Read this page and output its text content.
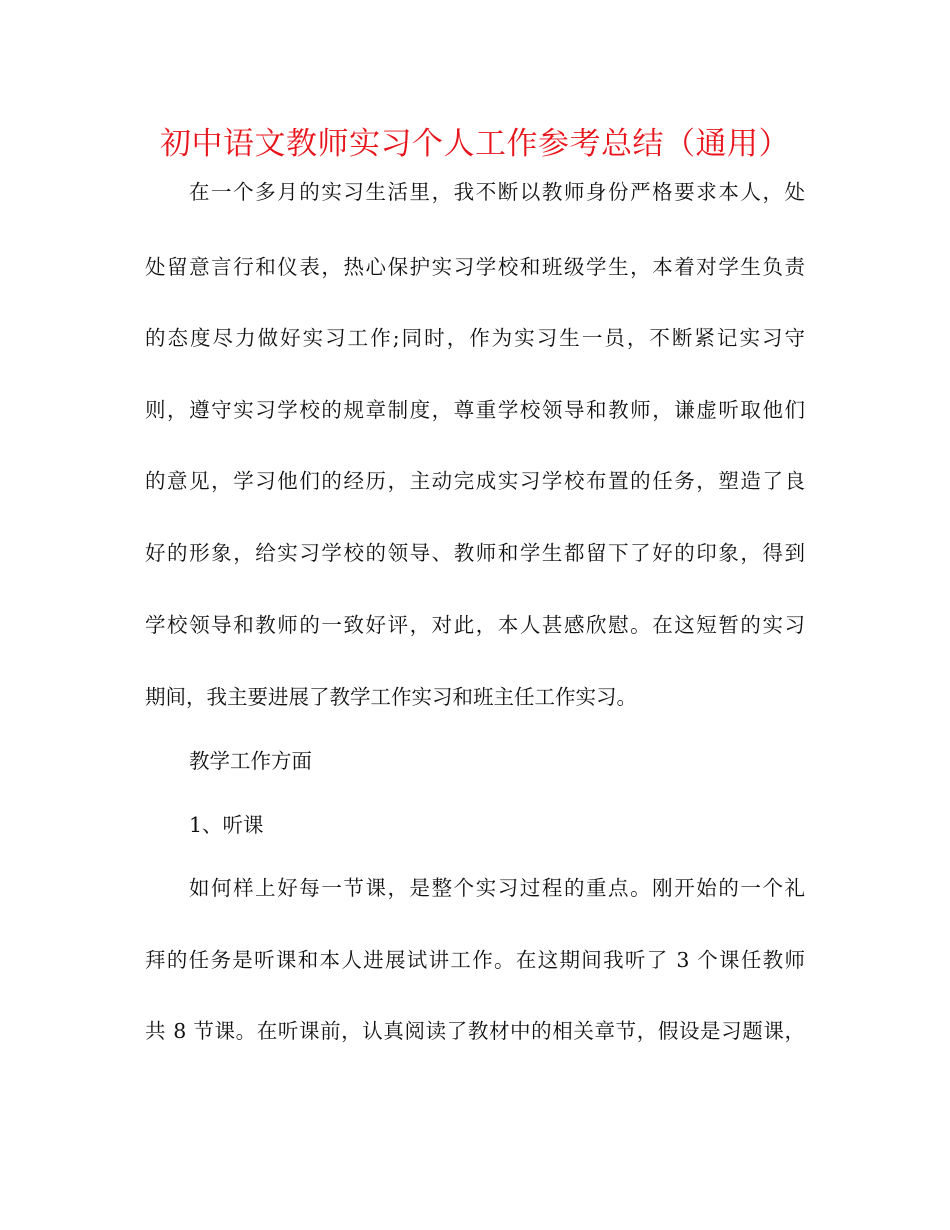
初中语文教师实习个人工作参考总结（通用）
在一个多月的实习生活里，我不断以教师身份严格要求本人，处
处留意言行和仪表，热心保护实习学校和班级学生，本着对学生负责
的态度尽力做好实习工作;同时，作为实习生一员，不断紧记实习守
则，遵守实习学校的规章制度，尊重学校领导和教师，谦虚听取他们
的意见，学习他们的经历，主动完成实习学校布置的任务，塑造了良
好的形象，给实习学校的领导、教师和学生都留下了好的印象，得到
学校领导和教师的一致好评，对此，本人甚感欣慰。在这短暂的实习
期间，我主要进展了教学工作实习和班主任工作实习。
教学工作方面
1、听课
如何样上好每一节课，是整个实习过程的重点。刚开始的一个礼
拜的任务是听课和本人进展试讲工作。在这期间我听了 3 个课任教师
共 8 节课。在听课前，认真阅读了教材中的相关章节，假设是习题课，
